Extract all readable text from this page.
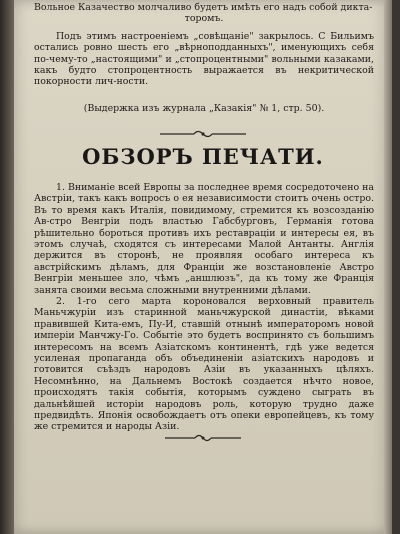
Вольное Казачество молчаливо будетъ имѣть его надъ собой дикта-
торомъ.
Подъ этимъ настроенiемъ „совѣщанiе" закрылось. С Бильимъ остались ровно шесть его „вѣрноподданныхъ", именующихъ себя по-чему-то „настоящими" и „стопроцентными" вольными казаками, какъ будто стопроцентность выражается въ некритической покорности лич-ности.
(Выдержка изъ журнала „Казакiя" № 1, стр. 50).
ОБЗОРЪ ПЕЧАТИ.
1. Вниманiе всей Европы за последнее время сосредоточено на Австрiи, такъ какъ вопросъ о ея независимости стоитъ очень остро. Въ то время какъ Италiя, повидимому, стремится къ возсозданiю Ав-стро Венгрiи подъ властью Габсбурговъ, Германiя готова рѣшительно бороться противъ ихъ реставрацiи и интересы ея, въ этомъ случаѣ, сходятся съ интересами Малой Антанты. Англiя держится въ сторонѣ, не проявляя особаго интереса къ австрiйскимъ дѣламъ, для Францiи же возстановленiе Австро Венгрiи меньшее зло, чѣмъ „аншлюзъ", да къ тому же Францiя занята своими весьма сложными внутренними дѣлами.
2. 1-го сего марта короновался верховный правитель Маньчжурiи изъ старинной маньчжурской династiи, вѣками правившей Кита-емъ, Пу-И, ставшiй отнынѣ императоромъ новой имперiи Манчжу-Го. Событiе это будетъ воспринято съ большимъ интересомъ на всемъ Азiатскомъ континентѣ, гдѣ уже ведется усиленая пропаганда объ объединенiи азiатскихъ народовъ и готовится съѣздъ народовъ Азiи въ указанныхъ цѣляхъ. Несомнѣнно, на Дальнемъ Востокѣ создается нѣчто новое, происходятъ такiя событiя, которымъ суждено сыграть въ дальнѣйшей исторiи народовъ роль, которую трудно даже предвидѣть. Японiя освобождаетъ отъ опеки европейцевъ, къ тому же стремится и народы Азiи.
